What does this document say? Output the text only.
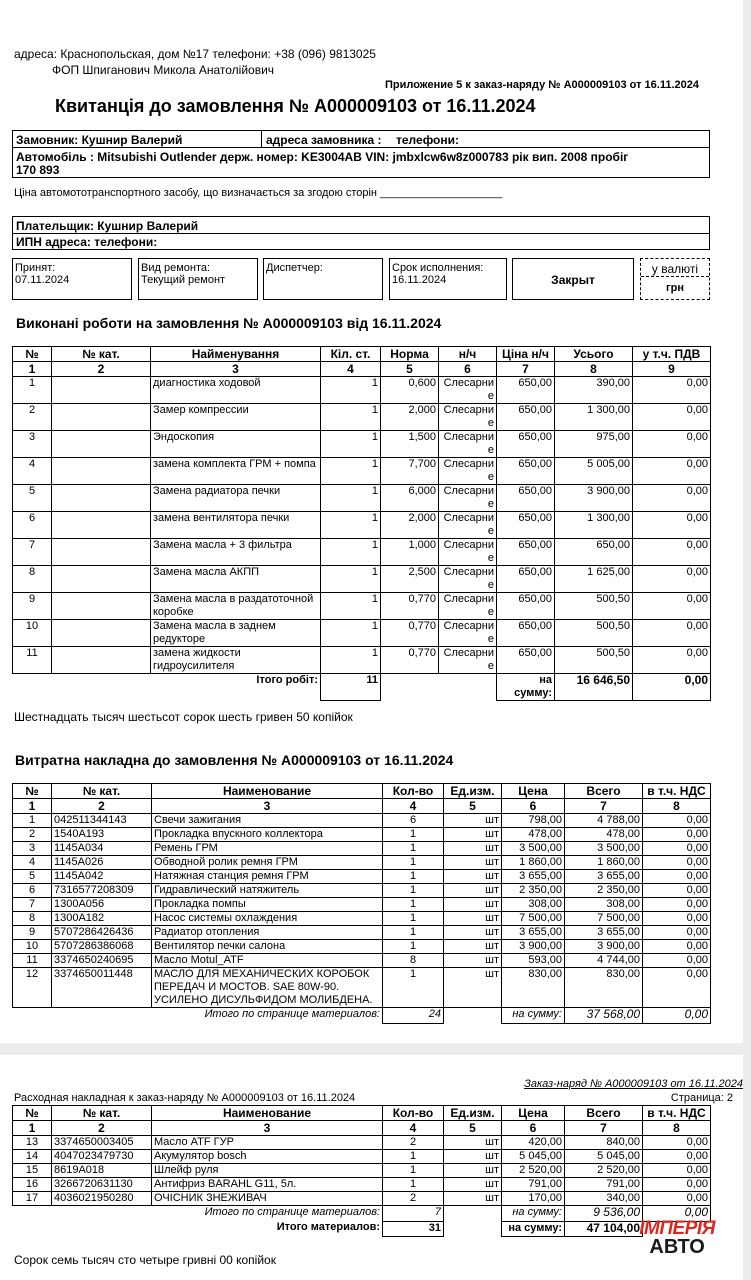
адреса: Краснопольская, дом №17 телефони: +38 (096) 9813025
ФОП Шпиганович Микола Анатолійович
Приложение 5 к заказ-наряду № А000009103 от 16.11.2024
Квитанція до замовлення № А000009103 от 16.11.2024
Замовник: Кушнир Валерий	адреса замовника : телефони:
Автомобіль : Mitsubishi Outlender держ. номер: KE3004AB VIN: jmbxlcw6w8z000783 рік вип. 2008 пробіг
170 893
Ціна автомототранспортного засобу, що визначається за згодою сторін ____________________
Плательщик: Кушнир Валерий
ИПН адреса: телефони:
Принят:
07.11.2024
Вид ремонта:
Текущий ремонт
Диспетчер:	Срок исполнения:
16.11.2024	Закрыт
у валюті
грн
Виконані роботи на замовлення № А000009103 від 16.11.2024
№	№ кат.	Найменування	Кіл. ст.	Норма	н/ч	Ціна н/ч	Усього	у т.ч. ПДВ
1	2	3	4	5	6	7	8	9
1		диагностика ходовой	1	0,600	Слесарние	650,00	390,00	0,00
2		Замер компрессии	1	2,000	Слесарние	650,00	1 300,00	0,00
3		Эндоскопия	1	1,500	Слесарние	650,00	975,00	0,00
4		замена комплекта ГРМ + помпа	1	7,700	Слесарние	650,00	5 005,00	0,00
5		Замена радиатора печки	1	6,000	Слесарние	650,00	3 900,00	0,00
6		замена вентилятора печки	1	2,000	Слесарние	650,00	1 300,00	0,00
7		Замена масла + 3 фильтра	1	1,000	Слесарние	650,00	650,00	0,00
8		Замена масла АКПП	1	2,500	Слесарние	650,00	1 625,00	0,00
9		Замена масла в раздатоточной коробке	1	0,770	Слесарние	650,00	500,50	0,00
10		Замена масла в заднем редукторе	1	0,770	Слесарние	650,00	500,50	0,00
11		замена жидкости гидроусилителя	1	0,770	Слесарние	650,00	500,50	0,00
Ітого робіт:			11			на сумму:	16 646,50	0,00
Шестнадцать тысяч шестьсот сорок шесть гривен 50 копійок
Витратна накладна до замовлення № А000009103 от 16.11.2024
№	№ кат.	Наименование	Кол-во	Ед.изм.	Цена	Всего	в т.ч. НДС
1	2	3	4	5	6	7	8
1	042511344143	Свечи зажигания	6	шт	798,00	4 788,00	0,00
2	1540A193	Прокладка впускного коллектора	1	шт	478,00	478,00	0,00
3	1145A034	Ремень ГРМ	1	шт	3 500,00	3 500,00	0,00
4	1145A026	Обводной ролик ремня ГРМ	1	шт	1 860,00	1 860,00	0,00
5	1145A042	Натяжная станция ремня ГРМ	1	шт	3 655,00	3 655,00	0,00
6	7316577208309	Гидравлический натяжитель	1	шт	2 350,00	2 350,00	0,00
7	1300A056	Прокладка помпы	1	шт	308,00	308,00	0,00
8	1300A182	Насос системы охлаждения	1	шт	7 500,00	7 500,00	0,00
9	5707286426436	Радиатор отопления	1	шт	3 655,00	3 655,00	0,00
10	5707286386068	Вентилятор печки салона	1	шт	3 900,00	3 900,00	0,00
11	3374650240695	Масло Motul_ATF	8	шт	593,00	4 744,00	0,00
12	3374650011448	МАСЛО ДЛЯ МЕХАНИЧЕСКИХ КОРОБОК ПЕРЕДАЧ И МОСТОВ. SAE 80W-90. УСИЛЕНО ДИСУЛЬФИДОМ МОЛИБДЕНА.	1	шт	830,00	830,00	0,00
Итого по странице материалов:			24		на сумму:	37 568,00	0,00
Заказ-наряд № А000009103 от 16.11.2024
Страница: 2
Расходная накладная к заказ-наряду № А000009103 от 16.11.2024
№	№ кат.	Наименование	Кол-во	Ед.изм.	Цена	Всего	в т.ч. НДС
1	2	3	4	5	6	7	8
13	3374650003405	Масло ATF ГУР	2	шт	420,00	840,00	0,00
14	4047023479730	Акумулятор bosch	1	шт	5 045,00	5 045,00	0,00
15	8619A018	Шлейф руля	1	шт	2 520,00	2 520,00	0,00
16	3266720631130	Антифриз BARAHL G11, 5л.	1	шт	791,00	791,00	0,00
17	4036021950280	ОЧІСНИК ЗНЕЖИВАЧ	2	шт	170,00	340,00	0,00
Итого по странице материалов:			7		на сумму:	9 536,00	0,00
Итого материалов:			31		на сумму:	47 104,00	
Сорок семь тысяч сто четыре гривні 00 копійок
ІМПЕРІЯ
АВТО
